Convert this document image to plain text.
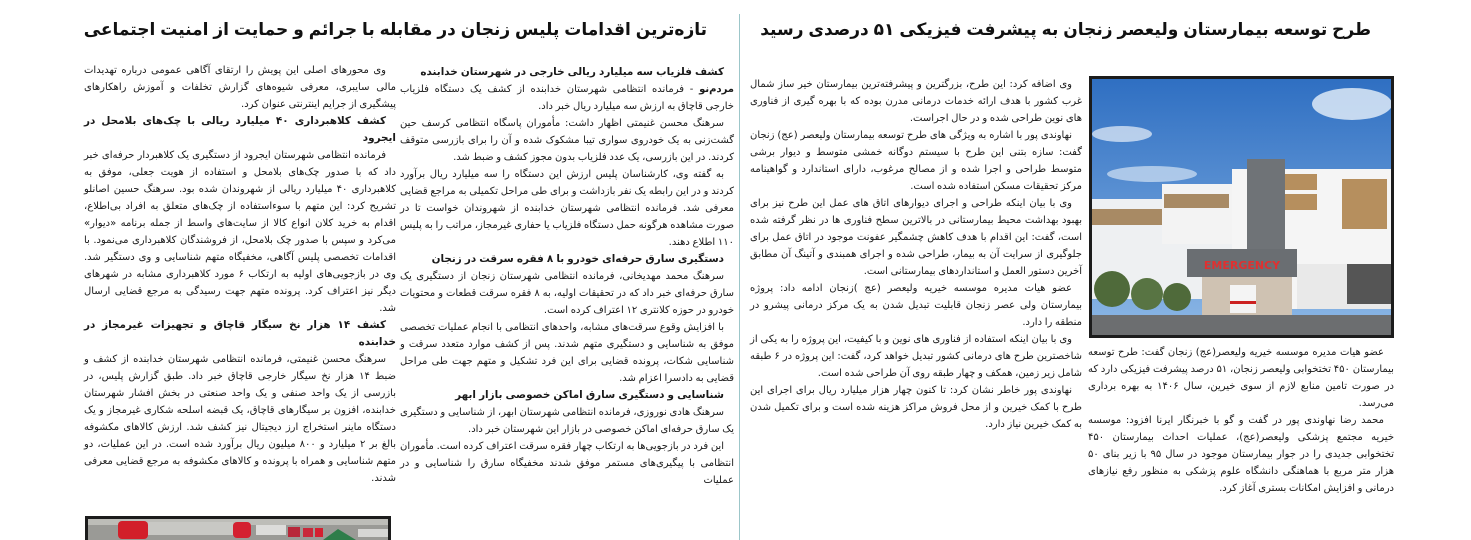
طرح توسعه بیمارستان ولیعصر زنجان به پیشرفت فیزیکی ۵۱ درصدی رسید

وی اضافه کرد: این طرح، بزرگترین و پیشرفته‌ترین بیمارستان خیر ساز شمال غرب کشور با هدف ارائه خدمات درمانی مدرن بوده که با بهره گیری از فناوری های نوین طراحی شده و در حال اجراست.

نهاوندی پور با اشاره به ویژگی های طرح توسعه بیمارستان ولیعصر (عج) زنجان گفت: سازه بتنی این طرح با سیستم دوگانه خمشی متوسط و دیوار برشی متوسط طراحی و اجرا شده و از مصالح مرغوب، دارای استاندارد و گواهینامه مرکز تحقیقات مسکن استفاده شده است.

وی با بیان اینکه طراحی و اجرای دیوارهای اتاق های عمل این طرح نیز برای بهبود بهداشت محیط بیمارستانی در بالاترین سطح فناوری ها در نظر گرفته شده است، گفت: این اقدام با هدف کاهش چشمگیر عفونت موجود در اتاق عمل برای جلوگیری از سرایت آن به بیمار، طراحی شده و اجرای همبندی و آتینگ آن مطابق آخرین دستور العمل و استانداردهای بیمارستانی است.

عضو هیات مدیره موسسه خیریه ولیعصر (عج )زنجان ادامه داد: پروژه بیمارستان ولی عصر زنجان قابلیت تبدیل شدن به یک مرکز درمانی پیشرو در منطقه را دارد.

وی با بیان اینکه استفاده از فناوری های نوین و با کیفیت، این پروژه را به یکی از شاخصترین طرح های درمانی کشور تبدیل خواهد کرد، گفت: این پروژه در ۶ طبقه شامل زیر زمین، همکف و چهار طبقه روی آن طراحی شده است.

نهاوندی پور خاطر نشان کرد: تا کنون چهار هزار میلیارد ریال برای اجرای این طرح با کمک خیرین و از محل فروش مراکز هزینه شده است و برای تکمیل شدن به کمک خیرین نیاز دارد.

EMERGENCY

عضو هیات مدیره موسسه خیریه ولیعصر(عج) زنجان گفت: طرح توسعه بیمارستان ۴۵۰ تختخوابی ولیعصر زنجان، ۵۱ درصد پیشرفت فیزیکی دارد که در صورت تامین منابع لازم از سوی خیرین، سال ۱۴۰۶ به بهره برداری می‌رسد.

محمد رضا نهاوندی پور در گفت و گو با خبرنگار ایرنا افزود: موسسه خیریه مجتمع پزشکی ولیعصر(عج)، عملیات احداث بیمارستان ۴۵۰ تختخوابی جدیدی را در جوار بیمارستان موجود در سال ۹۵ با زیر بنای ۵۰ هزار متر مربع با هماهنگی دانشگاه علوم پزشکی به منظور رفع نیازهای درمانی و افزایش امکانات بستری آغاز کرد.

تازه‌ترین اقدامات پلیس زنجان در مقابله با جرائم و حمایت از امنیت اجتماعی
کشف فلزیاب سه میلیارد ریالی خارجی در شهرستان خدابنده

مردم‌نو - فرمانده انتظامی شهرستان خدابنده از کشف یک دستگاه فلزیاب خارجی قاچاق به ارزش سه میلیارد ریال خبر داد.

سرهنگ محسن غنیمتی اظهار داشت: مأموران پاسگاه انتظامی کرسف حین گشت‌زنی به یک خودروی سواری تیبا مشکوک شده و آن را برای بازرسی متوقف کردند. در این بازرسی، یک عدد فلزیاب بدون مجوز کشف و ضبط شد.

به گفته وی، کارشناسان پلیس ارزش این دستگاه را سه میلیارد ریال برآورد کردند و در این رابطه یک نفر بازداشت و برای طی مراحل تکمیلی به مراجع قضایی معرفی شد. فرمانده انتظامی شهرستان خدابنده از شهروندان خواست تا در صورت مشاهده هرگونه حمل دستگاه فلزیاب یا حفاری غیرمجاز، مراتب را به پلیس ۱۱۰ اطلاع دهند.

دستگیری سارق حرفه‌ای خودرو با ۸ فقره سرقت در زنجان

سرهنگ محمد مهدیخانی، فرمانده انتظامی شهرستان زنجان از دستگیری یک سارق حرفه‌ای خبر داد که در تحقیقات اولیه، به ۸ فقره سرقت قطعات و محتویات خودرو در حوزه کلانتری ۱۲ اعتراف کرده است.

با افزایش وقوع سرقت‌های مشابه، واحدهای انتظامی با انجام عملیات تخصصی موفق به شناسایی و دستگیری متهم شدند. پس از کشف موارد متعدد سرقت و شناسایی شکات، پرونده قضایی برای این فرد تشکیل و متهم جهت طی مراحل قضایی به دادسرا اعزام شد.

شناسایی و دستگیری سارق اماکن خصوصی بازار ابهر

سرهنگ هادی نوروزی، فرمانده انتظامی شهرستان ابهر، از شناسایی و دستگیری یک سارق حرفه‌ای اماکن خصوصی در بازار این شهرستان خبر داد.

این فرد در بازجویی‌ها به ارتکاب چهار فقره سرقت اعتراف کرده است. مأموران انتظامی با پیگیری‌های مستمر موفق شدند مخفیگاه سارق را شناسایی و در عملیات

وی محورهای اصلی این پویش را ارتقای آگاهی عمومی درباره تهدیدات مالی سایبری، معرفی شیوه‌های گزارش تخلفات و آموزش راهکارهای پیشگیری از جرایم اینترنتی عنوان کرد.

کشف کلاهبرداری ۴۰ میلیارد ریالی با چک‌های بلامحل در ایجرود

فرمانده انتظامی شهرستان ایجرود از دستگیری یک کلاهبردار حرفه‌ای خبر داد که با صدور چک‌های بلامحل و استفاده از هویت جعلی، موفق به کلاهبرداری ۴۰ میلیارد ریالی از شهروندان شده بود. سرهنگ حسین اصانلو تشریح کرد: این متهم با سوءاستفاده از چک‌های متعلق به افراد بی‌اطلاع، اقدام به خرید کلان انواع کالا از سایت‌های واسط از جمله برنامه «دیوار» می‌کرد و سپس با صدور چک بلامحل، از فروشندگان کلاهبرداری می‌نمود. با اقدامات تخصصی پلیس آگاهی، مخفیگاه متهم شناسایی و وی دستگیر شد. وی در بازجویی‌های اولیه به ارتکاب ۶ مورد کلاهبرداری مشابه در شهرهای دیگر نیز اعتراف کرد. پرونده متهم جهت رسیدگی به مرجع قضایی ارسال شد.

کشف ۱۴ هزار نخ سیگار قاچاق و تجهیزات غیرمجاز در خدابنده

سرهنگ محسن غنیمتی، فرمانده انتظامی شهرستان خدابنده از کشف و ضبط ۱۴ هزار نخ سیگار خارجی قاچاق خبر داد. طبق گزارش پلیس، در بازرسی از یک واحد صنفی و یک واحد صنعتی در بخش افشار شهرستان خدابنده، افزون بر سیگارهای قاچاق، یک قبضه اسلحه شکاری غیرمجاز و یک دستگاه ماینر استخراج ارز دیجیتال نیز کشف شد. ارزش کالاهای مکشوفه بالغ بر ۲ میلیارد و ۸۰۰ میلیون ریال برآورد شده است. در این عملیات، دو متهم شناسایی و همراه با پرونده و کالاهای مکشوفه به مرجع قضایی معرفی شدند.
